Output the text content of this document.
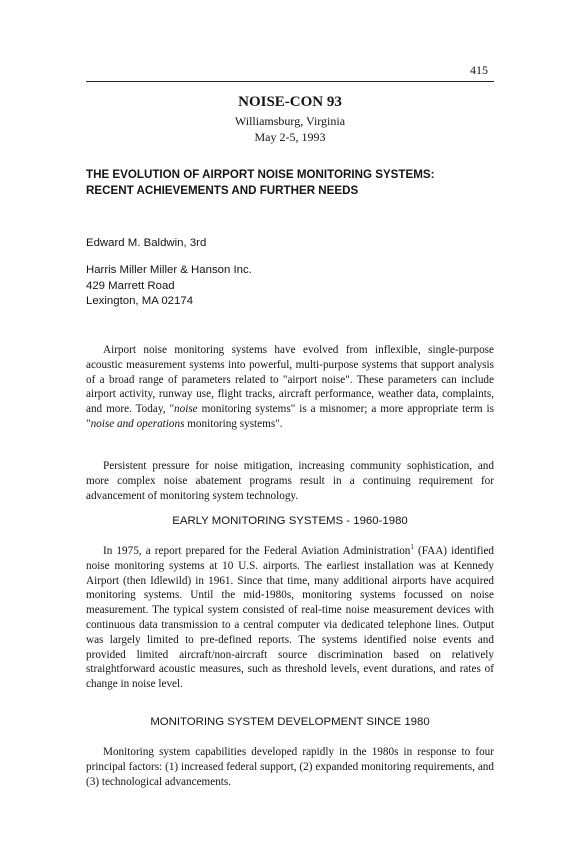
415
NOISE-CON 93
Williamsburg, Virginia
May 2-5, 1993
THE EVOLUTION OF AIRPORT NOISE MONITORING SYSTEMS:
RECENT ACHIEVEMENTS AND FURTHER NEEDS
Edward M. Baldwin, 3rd
Harris Miller Miller & Hanson Inc.
429 Marrett Road
Lexington, MA 02174
Airport noise monitoring systems have evolved from inflexible, single-purpose acoustic measurement systems into powerful, multi-purpose systems that support analysis of a broad range of parameters related to "airport noise". These parameters can include airport activity, runway use, flight tracks, aircraft performance, weather data, complaints, and more. Today, "noise monitoring systems" is a misnomer; a more appropriate term is "noise and operations monitoring systems".
Persistent pressure for noise mitigation, increasing community sophistication, and more complex noise abatement programs result in a continuing requirement for advancement of monitoring system technology.
EARLY MONITORING SYSTEMS - 1960-1980
In 1975, a report prepared for the Federal Aviation Administration$^1$ (FAA) identified noise monitoring systems at 10 U.S. airports. The earliest installation was at Kennedy Airport (then Idlewild) in 1961. Since that time, many additional airports have acquired monitoring systems. Until the mid-1980s, monitoring systems focussed on noise measurement. The typical system consisted of real-time noise measurement devices with continuous data transmission to a central computer via dedicated telephone lines. Output was largely limited to pre-defined reports. The systems identified noise events and provided limited aircraft/non-aircraft source discrimination based on relatively straightforward acoustic measures, such as threshold levels, event durations, and rates of change in noise level.
MONITORING SYSTEM DEVELOPMENT SINCE 1980
Monitoring system capabilities developed rapidly in the 1980s in response to four principal factors: (1) increased federal support, (2) expanded monitoring requirements, and (3) technological advancements.
